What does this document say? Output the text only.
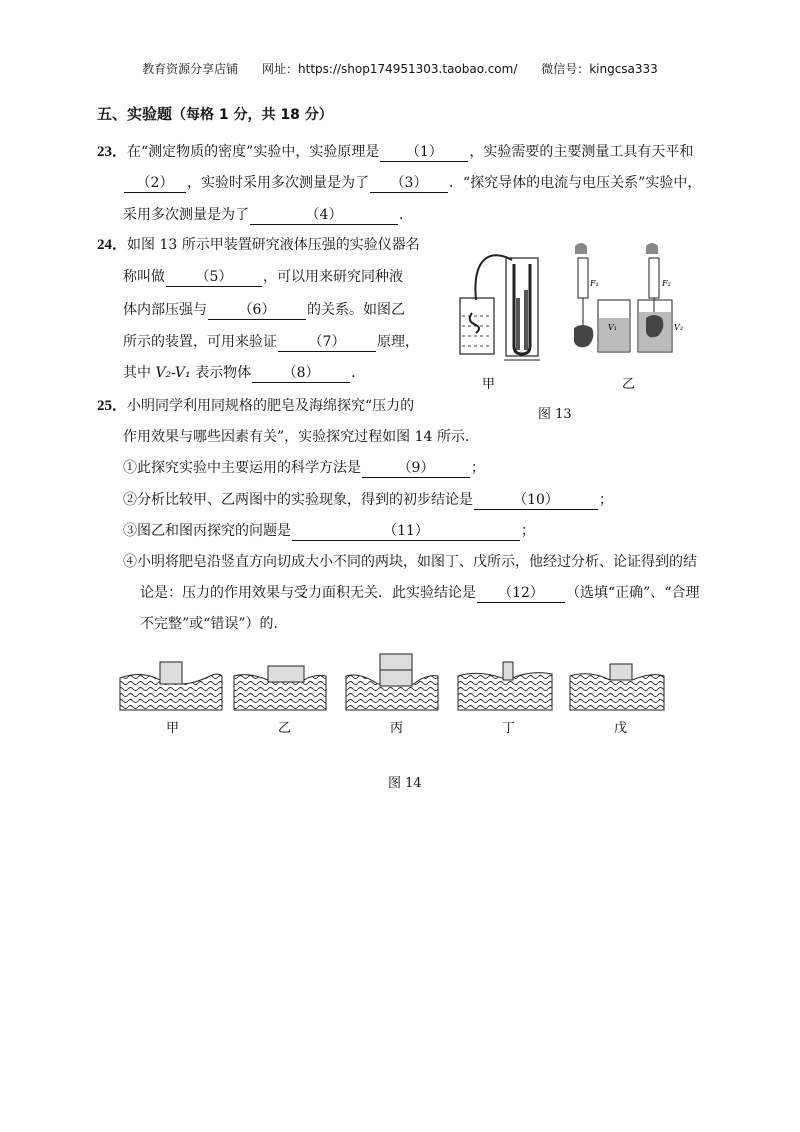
教育资源分享店铺 网址：https://shop174951303.taobao.com/ 微信号：kingcsa333
五、实验题（每格 1 分，共 18 分）
23．在“测定物质的密度”实验中，实验原理是 （1） ，实验需要的主要测量工具有天平和
（2） ，实验时采用多次测量是为了 （3） ．“探究导体的电流与电压关系”实验中，
采用多次测量是为了	（4）	．
24．如图 13 所示甲装置研究液体压强的实验仪器名
称叫做 （5） ，可以用来研究同种液
体内部压强与 （6） 的关系。如图乙
所示的装置，可用来验证 （7） 原理，
其中 V₂-V₁ 表示物体 （8） ．
F₁
V₁
F₂
V₂
甲	乙
图 13
25．小明同学利用同规格的肥皂及海绵探究“压力的
作用效果与哪些因素有关”，实验探究过程如图 14 所示．
①此探究实验中主要运用的科学方法是	（9）	；
②分析比较甲、乙两图中的实验现象，得到的初步结论是	（10）	；
③图乙和图丙探究的问题是	（11）	；
④小明将肥皂沿竖直方向切成大小不同的两块，如图丁、戊所示，他经过分析、论证得到的结
论是：压力的作用效果与受力面积无关．此实验结论是 （12） （选填“正确”、“合理
不完整”或“错误”）的．
甲	乙	丙	丁	戊
图 14
